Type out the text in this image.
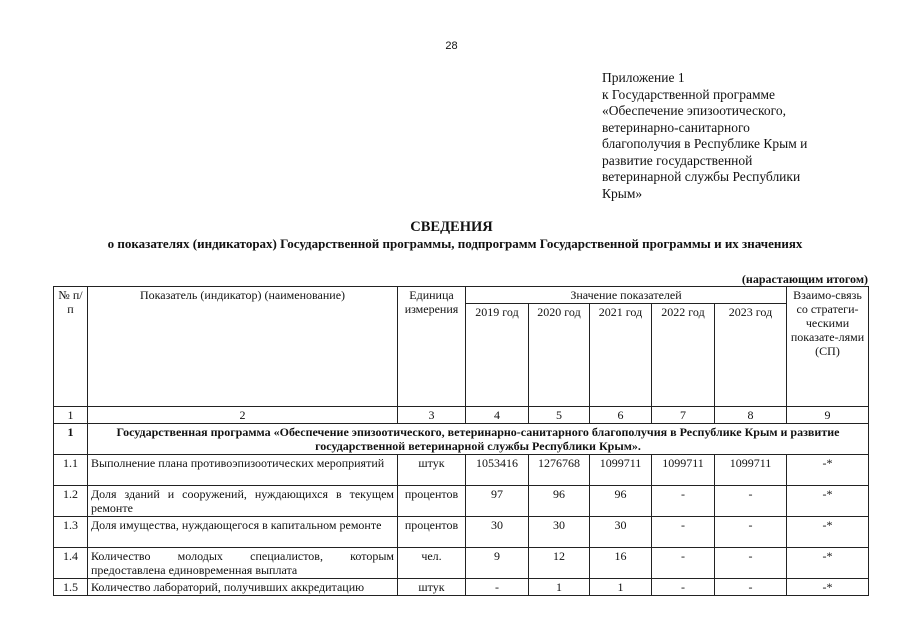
28
Приложение 1
к Государственной программе
«Обеспечение эпизоотического,
ветеринарно-санитарного
благополучия в Республике Крым и
развитие государственной
ветеринарной службы Республики
Крым»
СВЕДЕНИЯ
о показателях (индикаторах) Государственной программы, подпрограмм Государственной программы и их значениях
(нарастающим итогом)
№ п/п	Показатель (индикатор) (наименование)	Единица измерения	Значение показателей					Взаимо-связь со стратеги-ческими показате-лями (СП)
			2019 год	2020 год	2021 год	2022 год	2023 год	
1	2	3	4	5	6	7	8	9
1	Государственная программа «Обеспечение эпизоотического, ветеринарно-санитарного благополучия в Республике Крым и развитие государственной ветеринарной службы Республики Крым».							
1.1	Выполнение плана противоэпизоотических мероприятий	штук	1053416	1276768	1099711	1099711	1099711	-*
1.2	Доля зданий и сооружений, нуждающихся в текущем ремонте	процентов	97	96	96	-	-	-*
1.3	Доля имущества, нуждающегося в капитальном ремонте	процентов	30	30	30	-	-	-*
1.4	Количество молодых специалистов, которым предоставлена единовременная выплата	чел.	9	12	16	-	-	-*
1.5	Количество лабораторий, получивших аккредитацию	штук	-	1	1	-	-	-*
